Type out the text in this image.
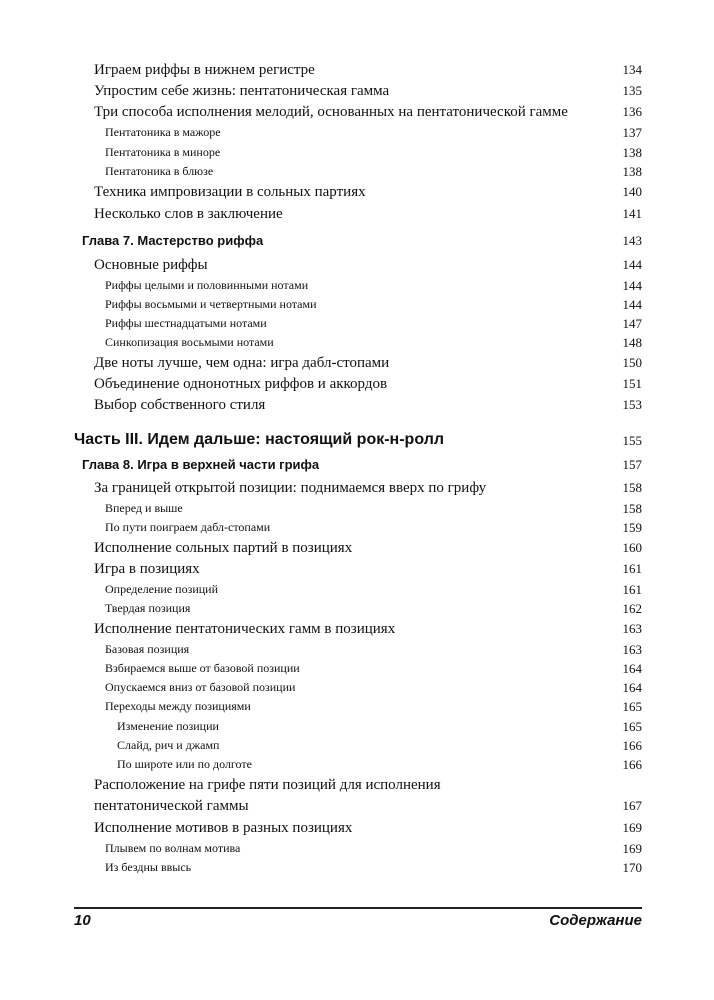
Играем риффы в нижнем регистре	134
Упростим себе жизнь: пентатоническая гамма	135
Три способа исполнения мелодий, основанных на пентатонической гамме	136
Пентатоника в мажоре	137
Пентатоника в миноре	138
Пентатоника в блюзе	138
Техника импровизации в сольных партиях	140
Несколько слов в заключение	141
Глава 7. Мастерство риффа	143
Основные риффы	144
Риффы целыми и половинными нотами	144
Риффы восьмыми и четвертными нотами	144
Риффы шестнадцатыми нотами	147
Синкопизация восьмыми нотами	148
Две ноты лучше, чем одна: игра дабл-стопами	150
Объединение однонотных риффов и аккордов	151
Выбор собственного стиля	153
Часть III. Идем дальше: настоящий рок-н-ролл	155
Глава 8. Игра в верхней части грифа	157
За границей открытой позиции: поднимаемся вверх по грифу	158
Вперед и выше	158
По пути поиграем дабл-стопами	159
Исполнение сольных партий в позициях	160
Игра в позициях	161
Определение позиций	161
Твердая позиция	162
Исполнение пентатонических гамм в позициях	163
Базовая позиция	163
Взбираемся выше от базовой позиции	164
Опускаемся вниз от базовой позиции	164
Переходы между позициями	165
Изменение позиции	165
Слайд, рич и джамп	166
По широте или по долготе	166
Расположение на грифе пяти позиций для исполнения
пентатонической гаммы	167
Исполнение мотивов в разных позициях	169
Плывем по волнам мотива	169
Из бездны ввысь	170
10	Содержание
